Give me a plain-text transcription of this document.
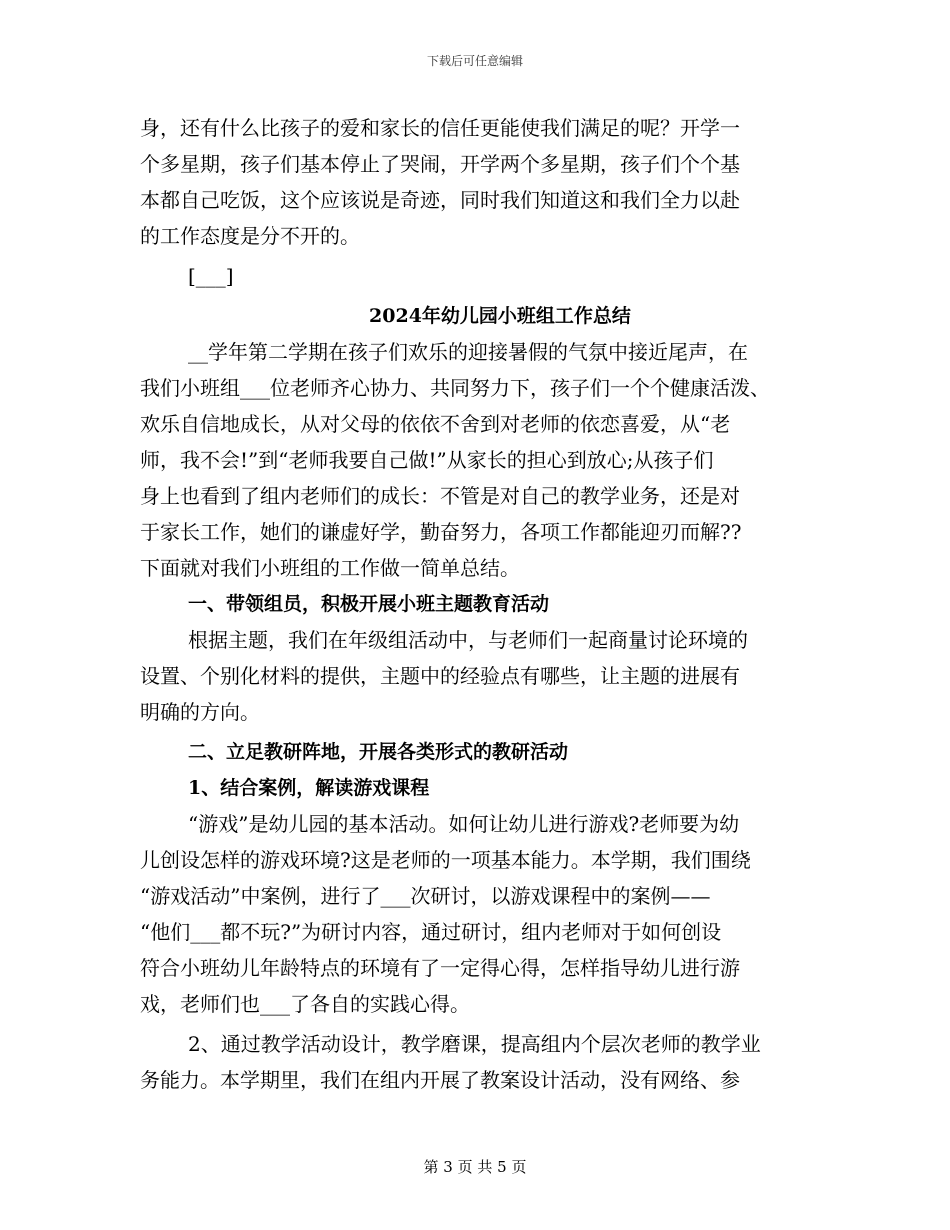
下载后可任意编辑
身，还有什么比孩子的爱和家长的信任更能使我们满足的呢？开学一
个多星期，孩子们基本停止了哭闹，开学两个多星期，孩子们个个基
本都自己吃饭，这个应该说是奇迹，同时我们知道这和我们全力以赴
的工作态度是分不开的。
[___]
2024年幼儿园小班组工作总结
__学年第二学期在孩子们欢乐的迎接暑假的气氛中接近尾声，在
我们小班组___位老师齐心协力、共同努力下，孩子们一个个健康活泼、
欢乐自信地成长，从对父母的依依不舍到对老师的依恋喜爱，从“老
师，我不会!”到“老师我要自己做!”从家长的担心到放心;从孩子们
身上也看到了组内老师们的成长：不管是对自己的教学业务，还是对
于家长工作，她们的谦虚好学，勤奋努力，各项工作都能迎刃而解??
下面就对我们小班组的工作做一简单总结。
一、带领组员，积极开展小班主题教育活动
根据主题，我们在年级组活动中，与老师们一起商量讨论环境的
设置、个别化材料的提供，主题中的经验点有哪些，让主题的进展有
明确的方向。
二、立足教研阵地，开展各类形式的教研活动
1、结合案例，解读游戏课程
“游戏”是幼儿园的基本活动。如何让幼儿进行游戏?老师要为幼
儿创设怎样的游戏环境?这是老师的一项基本能力。本学期，我们围绕
“游戏活动”中案例，进行了___次研讨，以游戏课程中的案例——
“他们___都不玩?”为研讨内容，通过研讨，组内老师对于如何创设
符合小班幼儿年龄特点的环境有了一定得心得，怎样指导幼儿进行游
戏，老师们也___了各自的实践心得。
2、通过教学活动设计，教学磨课，提高组内个层次老师的教学业
务能力。本学期里，我们在组内开展了教案设计活动，没有网络、参
第 3 页 共 5 页
